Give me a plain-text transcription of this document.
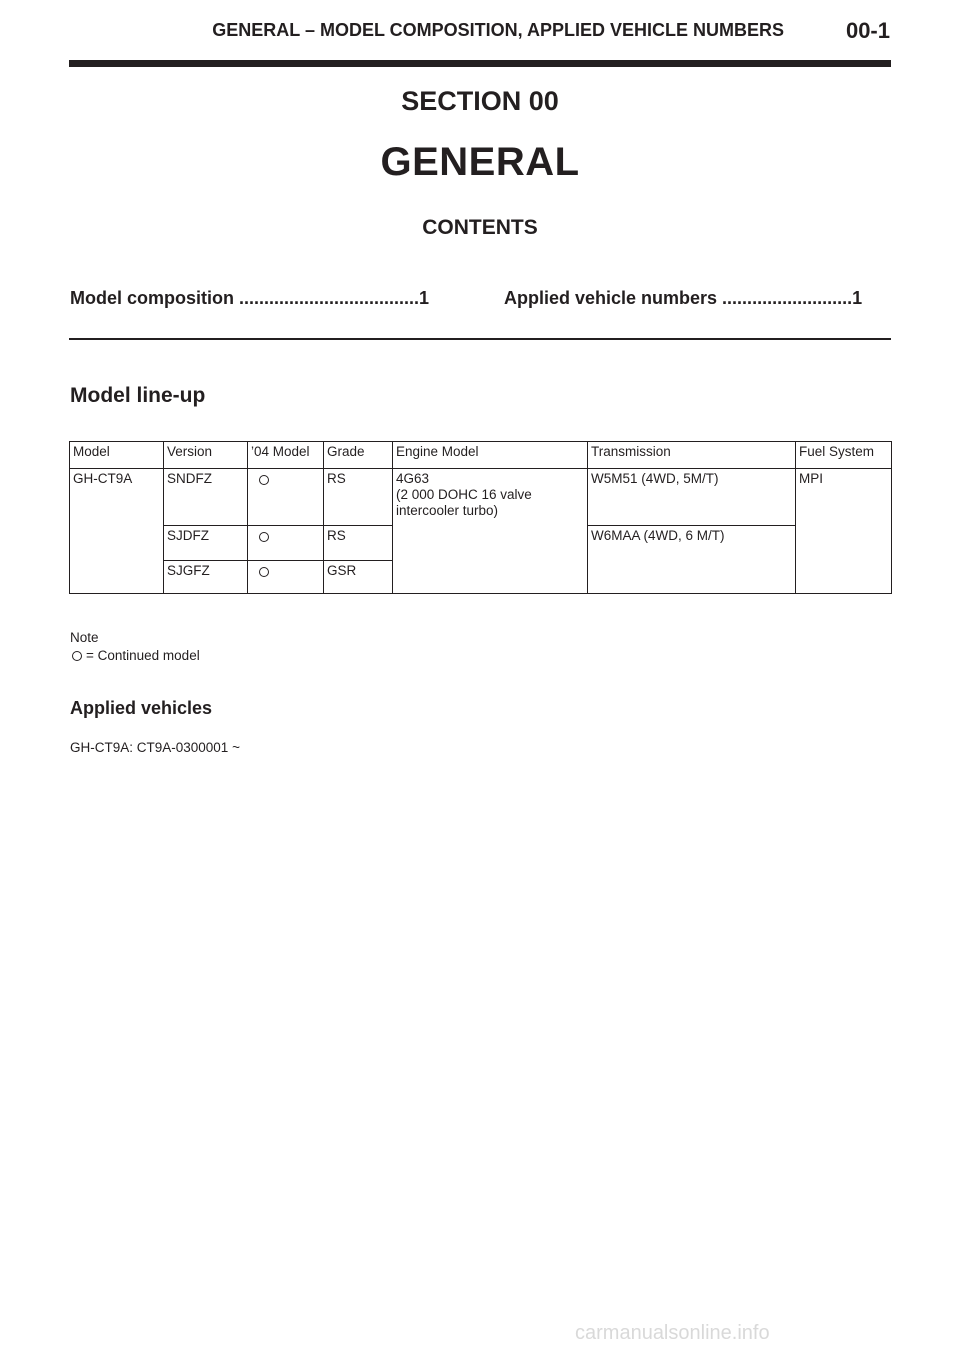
GENERAL – MODEL COMPOSITION, APPLIED VEHICLE NUMBERS	00-1
SECTION 00
GENERAL
CONTENTS
Model composition ....................................1	Applied vehicle numbers ..........................1
Model line-up
Model	Version	’04 Model	Grade	Engine Model	Transmission	Fuel System
GH-CT9A	SNDFZ		RS	4G63
(2 000 DOHC 16 valve
intercooler turbo)	W5M51 (4WD, 5M/T)	MPI
	SJDFZ		RS		W6MAA (4WD, 6 M/T)	
	SJGFZ		GSR			
Note
= Continued model
Applied vehicles
GH-CT9A: CT9A-0300001 ~
carmanualsonline.info
